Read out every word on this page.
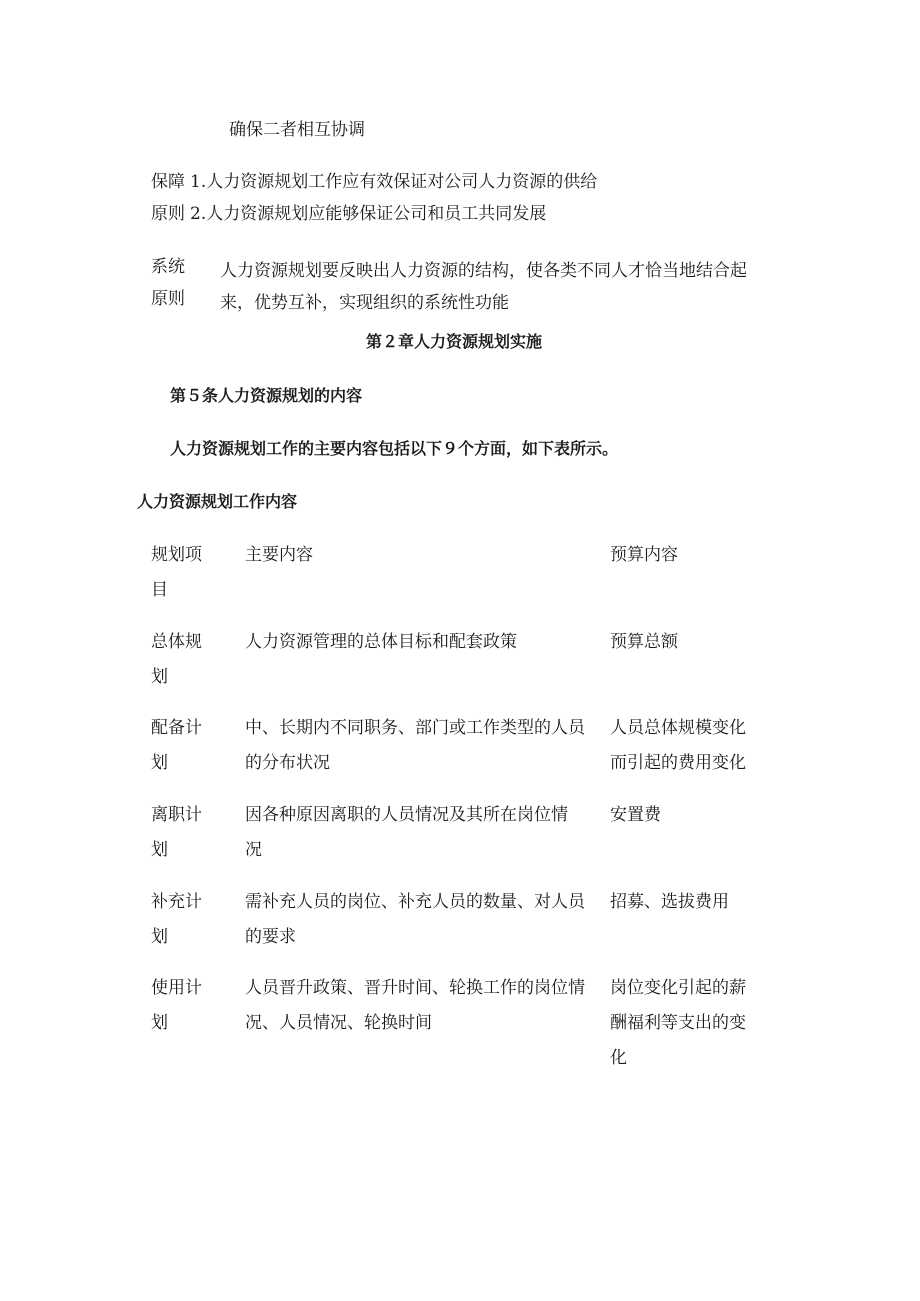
确保二者相互协调
保障 1.人力资源规划工作应有效保证对公司人力资源的供给
原则 2.人力资源规划应能够保证公司和员工共同发展
系统
原则
人力资源规划要反映出人力资源的结构，使各类不同人才恰当地结合起来，优势互补，实现组织的系统性功能
第２章人力资源规划实施
第５条人力资源规划的内容
人力资源规划工作的主要内容包括以下９个方面，如下表所示。
人力资源规划工作内容
规划项目
主要内容	预算内容
总体规划
人力资源管理的总体目标和配套政策	预算总额
配备计划
中、长期内不同职务、部门或工作类型的人员的分布状况
人员总体规模变化而引起的费用变化
离职计划
因各种原因离职的人员情况及其所在岗位情况
安置费
补充计划
需补充人员的岗位、补充人员的数量、对人员的要求
招募、选拔费用
使用计划
人员晋升政策、晋升时间、轮换工作的岗位情况、人员情况、轮换时间
岗位变化引起的薪酬福利等支出的变化
